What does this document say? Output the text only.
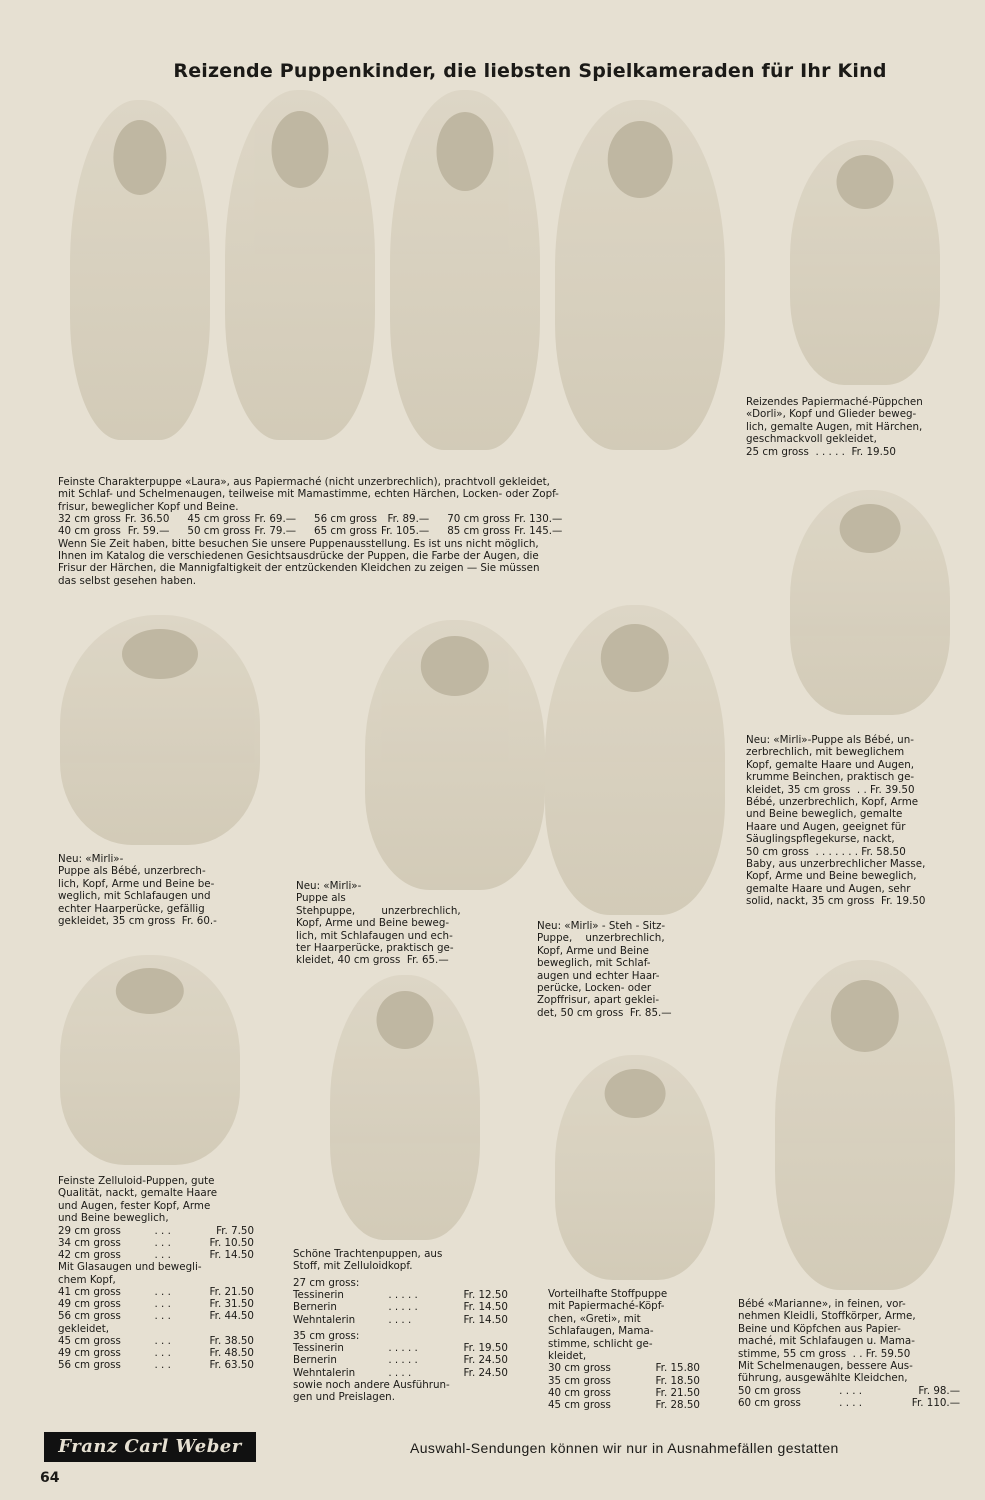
Reizende Puppenkinder, die liebsten Spielkameraden für Ihr Kind
Feinste Charakterpuppe «Laura», aus Papiermaché (nicht unzerbrechlich), prachtvoll gekleidet,
mit Schlaf- und Schelmenaugen, teilweise mit Mamastimme, echten Härchen, Locken- oder Zopf-
frisur, beweglicher Kopf und Beine.
32 cm gross	Fr. 36.50	45 cm gross	Fr. 69.—	56 cm gross	Fr. 89.—	70 cm gross	Fr. 130.—
40 cm gross	Fr. 59.—	50 cm gross	Fr. 79.—	65 cm gross	Fr. 105.—	85 cm gross	Fr. 145.—
Wenn Sie Zeit haben, bitte besuchen Sie unsere Puppenausstellung. Es ist uns nicht möglich,
Ihnen im Katalog die verschiedenen Gesichtsausdrücke der Puppen, die Farbe der Augen, die
Frisur der Härchen, die Mannigfaltigkeit der entzückenden Kleidchen zu zeigen — Sie müssen
das selbst gesehen haben.
Reizendes Papiermaché-Püppchen
«Dorli», Kopf und Glieder beweg-
lich, gemalte Augen, mit Härchen,
geschmackvoll gekleidet,
25 cm gross  . . . . .  Fr. 19.50
Neu: «Mirli»-Puppe als Bébé, un-
zerbrechlich, mit beweglichem
Kopf, gemalte Haare und Augen,
krumme Beinchen, praktisch ge-
kleidet, 35 cm gross  . . Fr. 39.50
Bébé, unzerbrechlich, Kopf, Arme
und Beine beweglich, gemalte
Haare und Augen, geeignet für
Säuglingspflegekurse, nackt,
50 cm gross  . . . . . . . Fr. 58.50
Baby, aus unzerbrechlicher Masse,
Kopf, Arme und Beine beweglich,
gemalte Haare und Augen, sehr
solid, nackt, 35 cm gross  Fr. 19.50
Neu: «Mirli»-
Puppe als Bébé, unzerbrech-
lich, Kopf, Arme und Beine be-
weglich, mit Schlafaugen und
echter Haarperücke, gefällig
gekleidet, 35 cm gross  Fr. 60.-
Neu: «Mirli»-
Puppe als
Stehpuppe,        unzerbrechlich,
Kopf, Arme und Beine beweg-
lich, mit Schlafaugen und ech-
ter Haarperücke, praktisch ge-
kleidet, 40 cm gross  Fr. 65.—
Neu: «Mirli» - Steh - Sitz-
Puppe,    unzerbrechlich,
Kopf, Arme und Beine
beweglich, mit Schlaf-
augen und echter Haar-
perücke, Locken- oder
Zopffrisur, apart geklei-
det, 50 cm gross  Fr. 85.—
Feinste Zelluloid-Puppen, gute
Qualität, nackt, gemalte Haare
und Augen, fester Kopf, Arme
und Beine beweglich,
29 cm gross	. . .	Fr. 7.50
34 cm gross	. . .	Fr. 10.50
42 cm gross	. . .	Fr. 14.50
Mit Glasaugen und bewegli-
chem Kopf,
41 cm gross	. . .	Fr. 21.50
49 cm gross	. . .	Fr. 31.50
56 cm gross	. . .	Fr. 44.50
gekleidet,
45 cm gross	. . .	Fr. 38.50
49 cm gross	. . .	Fr. 48.50
56 cm gross	. . .	Fr. 63.50
Schöne Trachtenpuppen, aus
Stoff, mit Zelluloidkopf.
27 cm gross:
Tessinerin	. . . . .	Fr. 12.50
Bernerin	. . . . .	Fr. 14.50
Wehntalerin	. . . .	Fr. 14.50
35 cm gross:
Tessinerin	. . . . .	Fr. 19.50
Bernerin	. . . . .	Fr. 24.50
Wehntalerin	. . . .	Fr. 24.50
sowie noch andere Ausführun-
gen und Preislagen.
Vorteilhafte Stoffpuppe
mit Papiermaché-Köpf-
chen, «Greti», mit
Schlafaugen, Mama-
stimme, schlicht ge-
kleidet,
30 cm gross	Fr. 15.80
35 cm gross	Fr. 18.50
40 cm gross	Fr. 21.50
45 cm gross	Fr. 28.50
Bébé «Marianne», in feinen, vor-
nehmen Kleidli, Stoffkörper, Arme,
Beine und Köpfchen aus Papier-
maché, mit Schlafaugen u. Mama-
stimme, 55 cm gross  . . Fr. 59.50
Mit Schelmenaugen, bessere Aus-
führung, ausgewählte Kleidchen,
50 cm gross	. . . .	Fr. 98.—
60 cm gross	. . . .	Fr. 110.—
Franz Carl Weber	Auswahl-Sendungen können wir nur in Ausnahmefällen gestatten
64
